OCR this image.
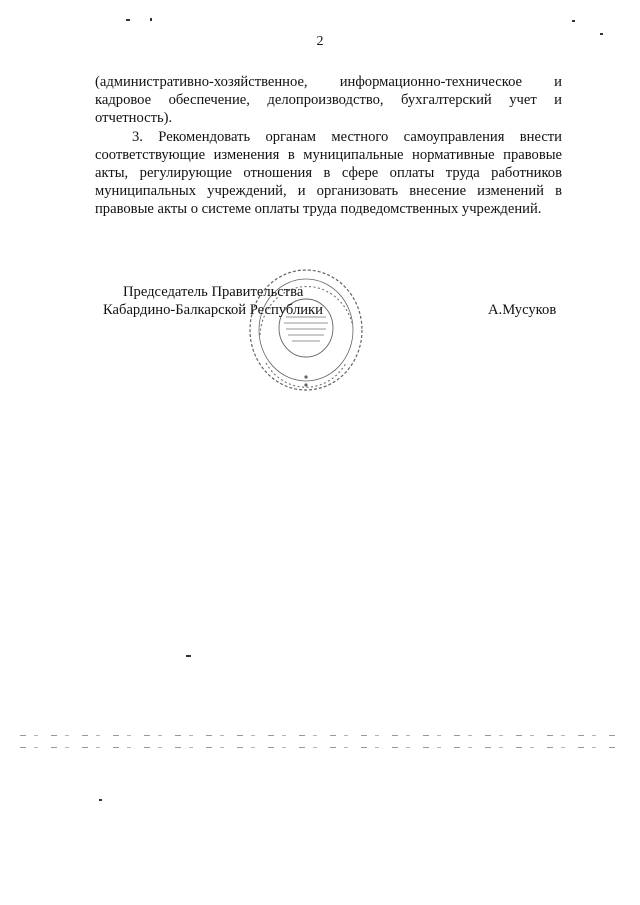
2

(административно-хозяйственное, информационно-техническое и кадровое обеспечение, делопроизводство, бухгалтерский учет и отчетность).

3. Рекомендовать органам местного самоуправления внести соответствующие изменения в муниципальные нормативные правовые акты, регулирующие отношения в сфере оплаты труда работников муниципальных учреждений, и организовать внесение изменений в правовые акты о системе оплаты труда подведомственных учреждений.

Председатель Правительства
Кабардино-Балкарской Республики	А.Мусуков
